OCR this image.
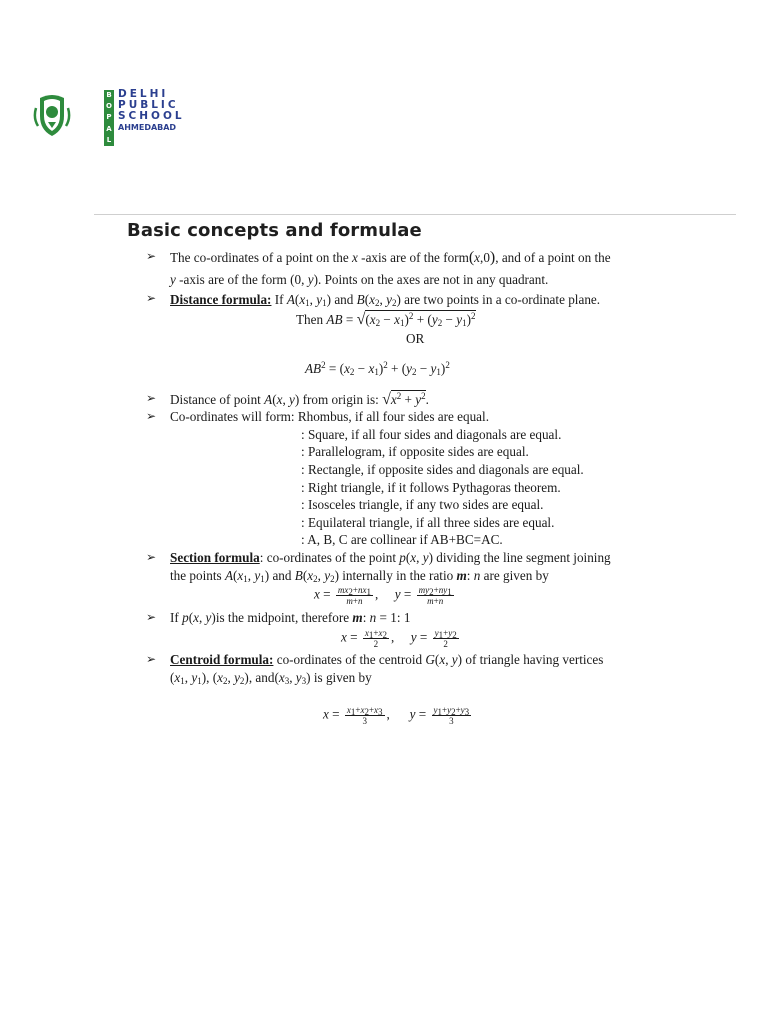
B
O
P
A
L
DELHI
PUBLIC
SCHOOL
AHMEDABAD
Basic concepts and formulae
➢ The co-ordinates of a point on the x -axis are of the form(x,0), and of a point on the
y -axis are of the form (0, y). Points on the axes are not in any quadrant.
➢ Distance formula: If $A(x_1$, $y_1$) and $B(x_2$, $y_2$) are two points in a co-ordinate plane.
Then AB = $√(x_2 - x_1)^2 + (y_2 - y_1)^2$
OR
$AB^2 = (x_2 - x_1)^2 + (y_2 - y_1)^2$
➢ Distance of point A(x, y) from origin is: $√x^2 + y^2$.
➢ Co-ordinates will form: Rhombus, if all four sides are equal.
: Square, if all four sides and diagonals are equal.
: Parallelogram, if opposite sides are equal.
: Rectangle, if opposite sides and diagonals are equal.
: Right triangle, if it follows Pythagoras theorem.
: Isosceles triangle, if any two sides are equal.
: Equilateral triangle, if all three sides are equal.
: A, B, C are collinear if AB+BC=AC.
➢ Section formula: co-ordinates of the point p(x, y) dividing the line segment joining
the points $A(x_1$, $y_1$) and $B(x_2$, $y_2$) internally in the ratio m: n are given by
$x = \frac{mx_2+nx_1}{m+n}$ ,     $y = \frac{my_2+ny_1}{m+n}$
➢ If p(x, y)is the midpoint, therefore m: n = 1: 1
$x = \frac{x_1+x_2}{2}$ ,     $y = \frac{y_1+y_2}{2}$
➢ Centroid formula: co-ordinates of the centroid G(x, y) of triangle having vertices
($x_1$, $y_1$), ($x_2$, $y_2$), $and(x_3$, $y_3$) is given by
$x = \frac{x_1+x_2+x_3}{3}$ ,      $y = \frac{y_1+y_2+y_3}{3}$
